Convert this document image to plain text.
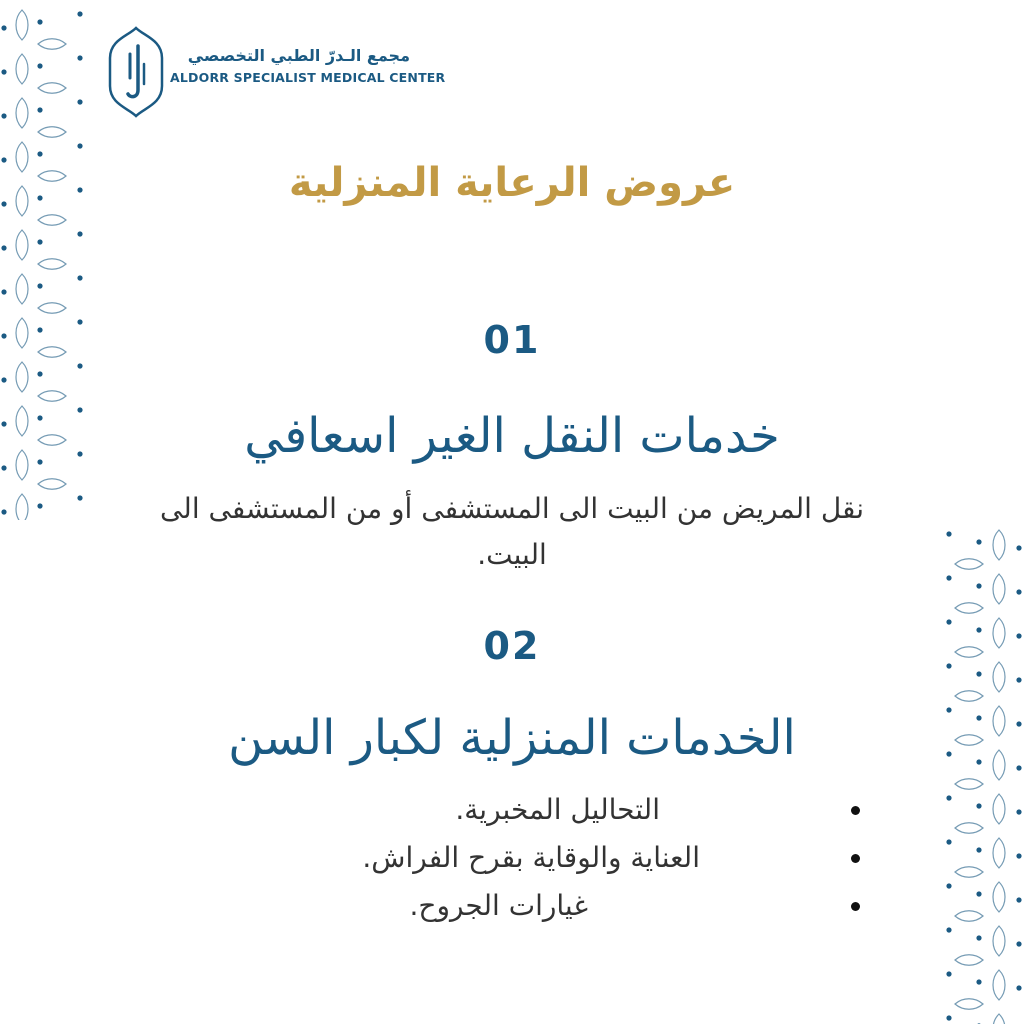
مجمع الـدرّ الطبي التخصصي
ALDORR SPECIALIST MEDICAL CENTER
عروض الرعاية المنزلية
01
خدمات النقل الغير اسعافي
نقل المريض من البيت الى المستشفى أو من المستشفى الى البيت.
02
الخدمات المنزلية لكبار السن
التحاليل المخبرية.
العناية والوقاية بقرح الفراش.
غيارات الجروح.
